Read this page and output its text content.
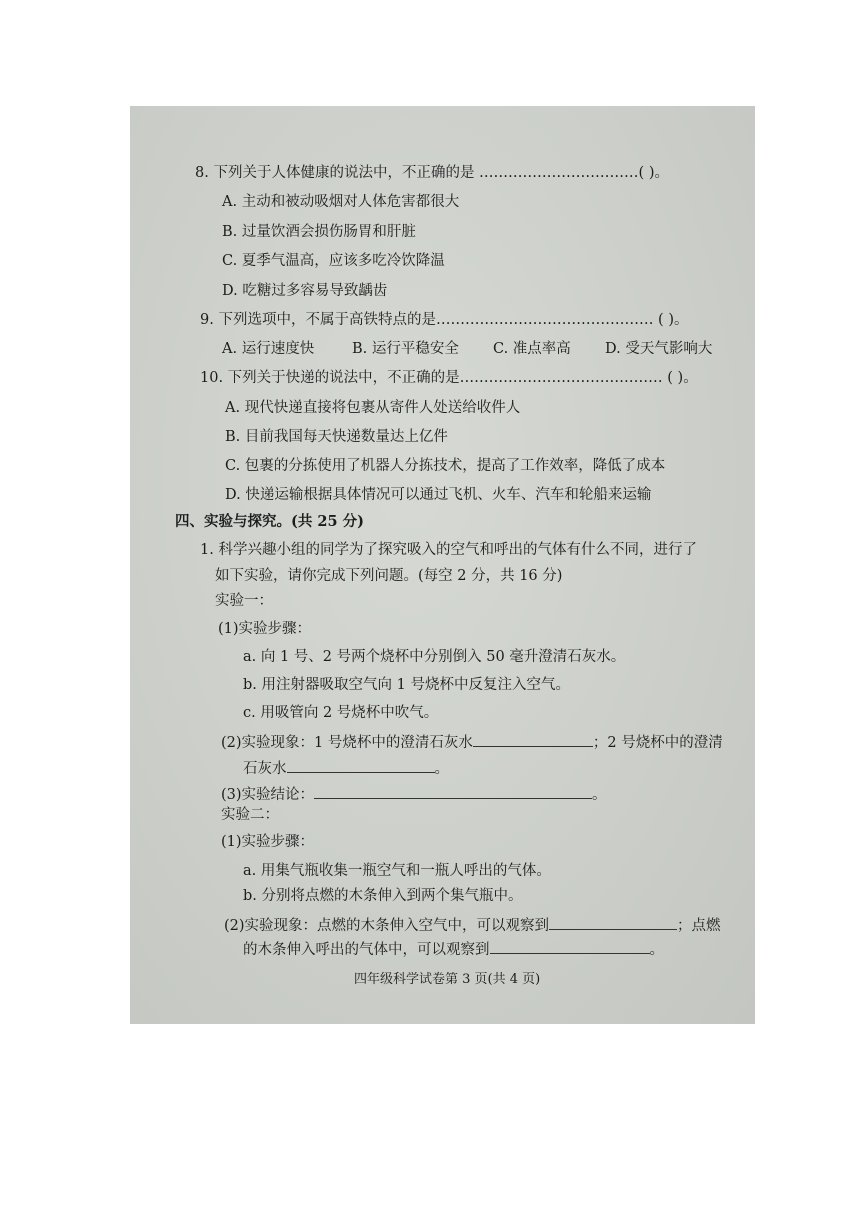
8. 下列关于人体健康的说法中，不正确的是 ……………………………( )。
A. 主动和被动吸烟对人体危害都很大
B. 过量饮酒会损伤肠胃和肝脏
C. 夏季气温高，应该多吃冷饮降温
D. 吃糖过多容易导致龋齿
9. 下列选项中，不属于高铁特点的是……………………………………… ( )。
A. 运行速度快	B. 运行平稳安全 C. 准点率高 D. 受天气影响大
10. 下列关于快递的说法中，不正确的是…………………………………… ( )。
A. 现代快递直接将包裹从寄件人处送给收件人
B. 目前我国每天快递数量达上亿件
C. 包裹的分拣使用了机器人分拣技术，提高了工作效率，降低了成本
D. 快递运输根据具体情况可以通过飞机、火车、汽车和轮船来运输
四、实验与探究。(共 25 分)
1. 科学兴趣小组的同学为了探究吸入的空气和呼出的气体有什么不同，进行了
如下实验，请你完成下列问题。(每空 2 分，共 16 分)
实验一：
(1)实验步骤：
a. 向 1 号、2 号两个烧杯中分别倒入 50 毫升澄清石灰水。
b. 用注射器吸取空气向 1 号烧杯中反复注入空气。
c. 用吸管向 2 号烧杯中吹气。
(2)实验现象：1 号烧杯中的澄清石灰水	；2 号烧杯中的澄清
石灰水	。
(3)实验结论：	。
实验二：
(1)实验步骤：
a. 用集气瓶收集一瓶空气和一瓶人呼出的气体。
b. 分别将点燃的木条伸入到两个集气瓶中。
(2)实验现象：点燃的木条伸入空气中，可以观察到	；点燃
的木条伸入呼出的气体中，可以观察到	。
四年级科学试卷第 3 页(共 4 页)
